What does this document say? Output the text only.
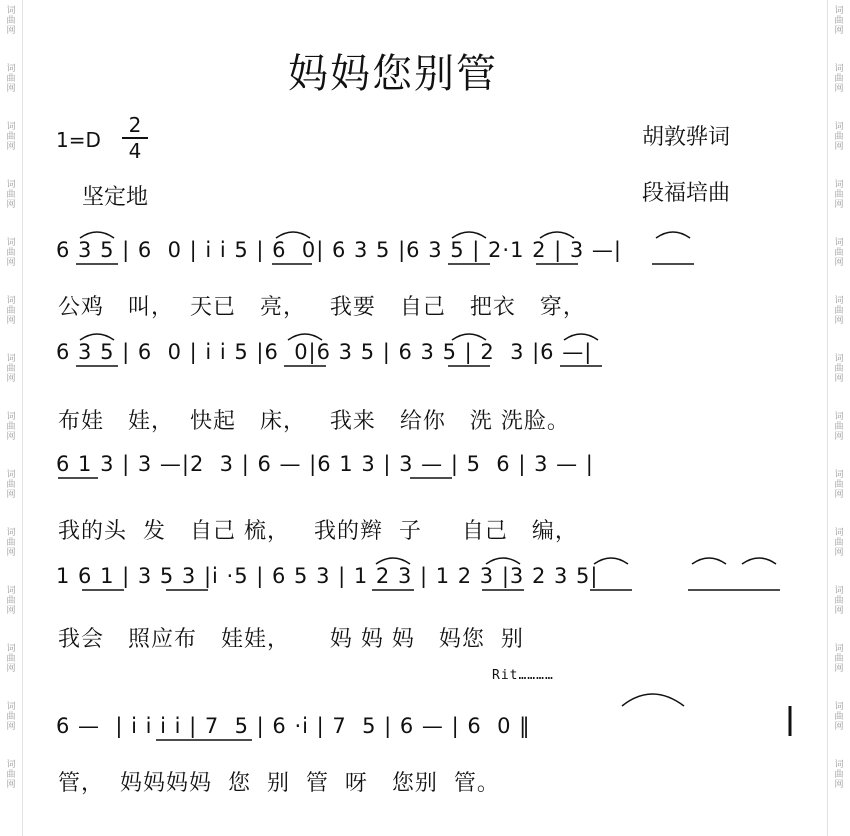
词
曲
网
词
曲
网
词
曲
网
词
曲
网
词
曲
网
词
曲
网
词
曲
网
词
曲
网
词
曲
网
词
曲
网
词
曲
网
词
曲
网
词
曲
网
词
曲
网
词
曲
网
词
曲
网
词
曲
网
词
曲
网
词
曲
网
词
曲
网
词
曲
网
词
曲
网
词
曲
网
词
曲
网
词
曲
网
词
曲
网
词
曲
网
词
曲
网
妈妈您别管
1=D
2
4
胡敦骅词
段福培曲
坚定地
6 3 5 | 6  0 | i i 5 | 6  0| 6 3 5 |6 3 5 | 2·1 2 | 3 —|
公鸡   叫，  天已   亮，   我要   自己   把衣   穿，
6 3 5 | 6  0 | i i 5 |6  0|6 3 5 | 6 3 5 | 2  3 |6 —|
布娃   娃，  快起   床，   我来   给你   洗 洗脸。
6 1 3 | 3 —|2  3 | 6 — |6 1 3 | 3 — | 5  6 | 3 — |
我的头  发   自己 梳，   我的辫  子     自己   编，
1 6 1 | 3 5 3 |i ·5 | 6 5 3 | 1 2 3 | 1 2 3 |3 2 3 5|
我会   照应布   娃娃，     妈 妈 妈   妈您  别
Rit…………
6 —  | i i i i | 7  5 | 6 ·i | 7  5 | 6 — | 6  0 ‖
管，  妈妈妈妈  您  别  管  呀   您别  管。
